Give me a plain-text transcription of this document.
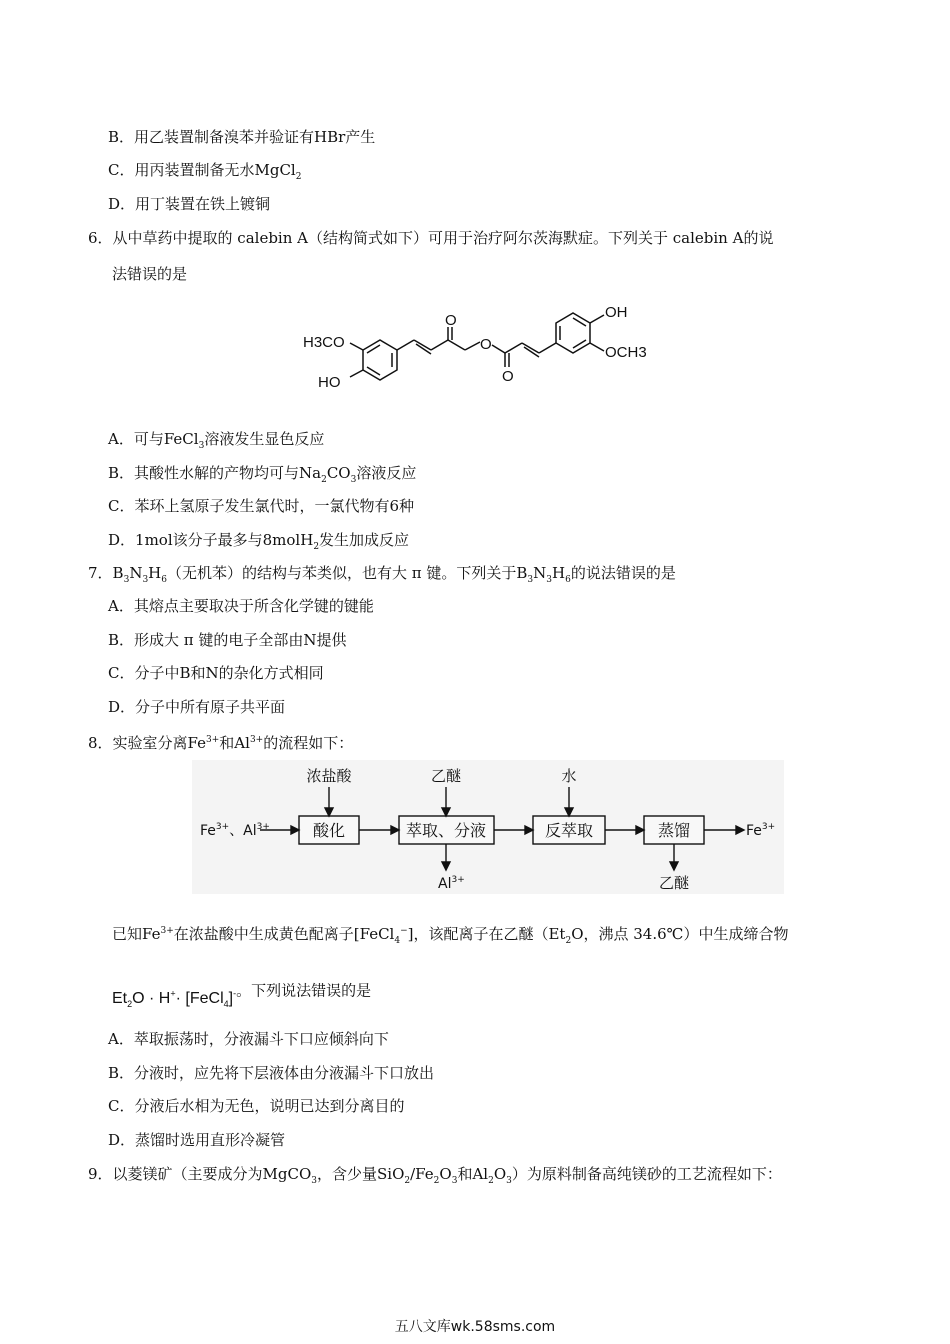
B．用乙装置制备溴苯并验证有HBr产生
C．用丙装置制备无水MgCl$_2$
D．用丁装置在铁上镀铜
6．从中草药中提取的 calebin A（结构简式如下）可用于治疗阿尔茨海默症。下列关于 calebin A的说
法错误的是
H3CO
HO
O
O
O
OH
OCH3
A．可与FeCl$_3$溶液发生显色反应
B．其酸性水解的产物均可与$Na_2CO_3$溶液反应
C．苯环上氢原子发生氯代时，一氯代物有6种
D．1mol该分子最多与8molH$_2$发生加成反应
7．$B_3N_3H_6$（无机苯）的结构与苯类似，也有大 π 键。下列关于$B_3N_3H_6$的说法错误的是
A．其熔点主要取决于所含化学键的键能
B．形成大 π 键的电子全部由N提供
C．分子中B和N的杂化方式相同
D．分子中所有原子共平面
8．实验室分离$Fe^{3+}$和$Al^{3+}$的流程如下：
$Fe^{3+}$、$Al^{3+}$	酸化	萃取、分液	反萃取	蒸馏
浓盐酸	乙醚	水
$Al^{3+}$	乙醚
$Fe^{3+}$
已知$Fe^{3+}$在浓盐酸中生成黄色配离子[FeCl$_4$−]，该配离子在乙醚（$Et_2O$，沸点 34.6℃）中生成缔合物
$Et_2O \cdot H^+\cdot$ [FeCl$_4$]-。下列说法错误的是
A．萃取振荡时，分液漏斗下口应倾斜向下
B．分液时，应先将下层液体由分液漏斗下口放出
C．分液后水相为无色，说明已达到分离目的
D．蒸馏时选用直形冷凝管
9．以菱镁矿（主要成分为MgCO$_3$，含少量$SiO_2/Fe_2O_3$和$Al_2O_3$）为原料制备高纯镁砂的工艺流程如下：
五八文库wk.58sms.com
